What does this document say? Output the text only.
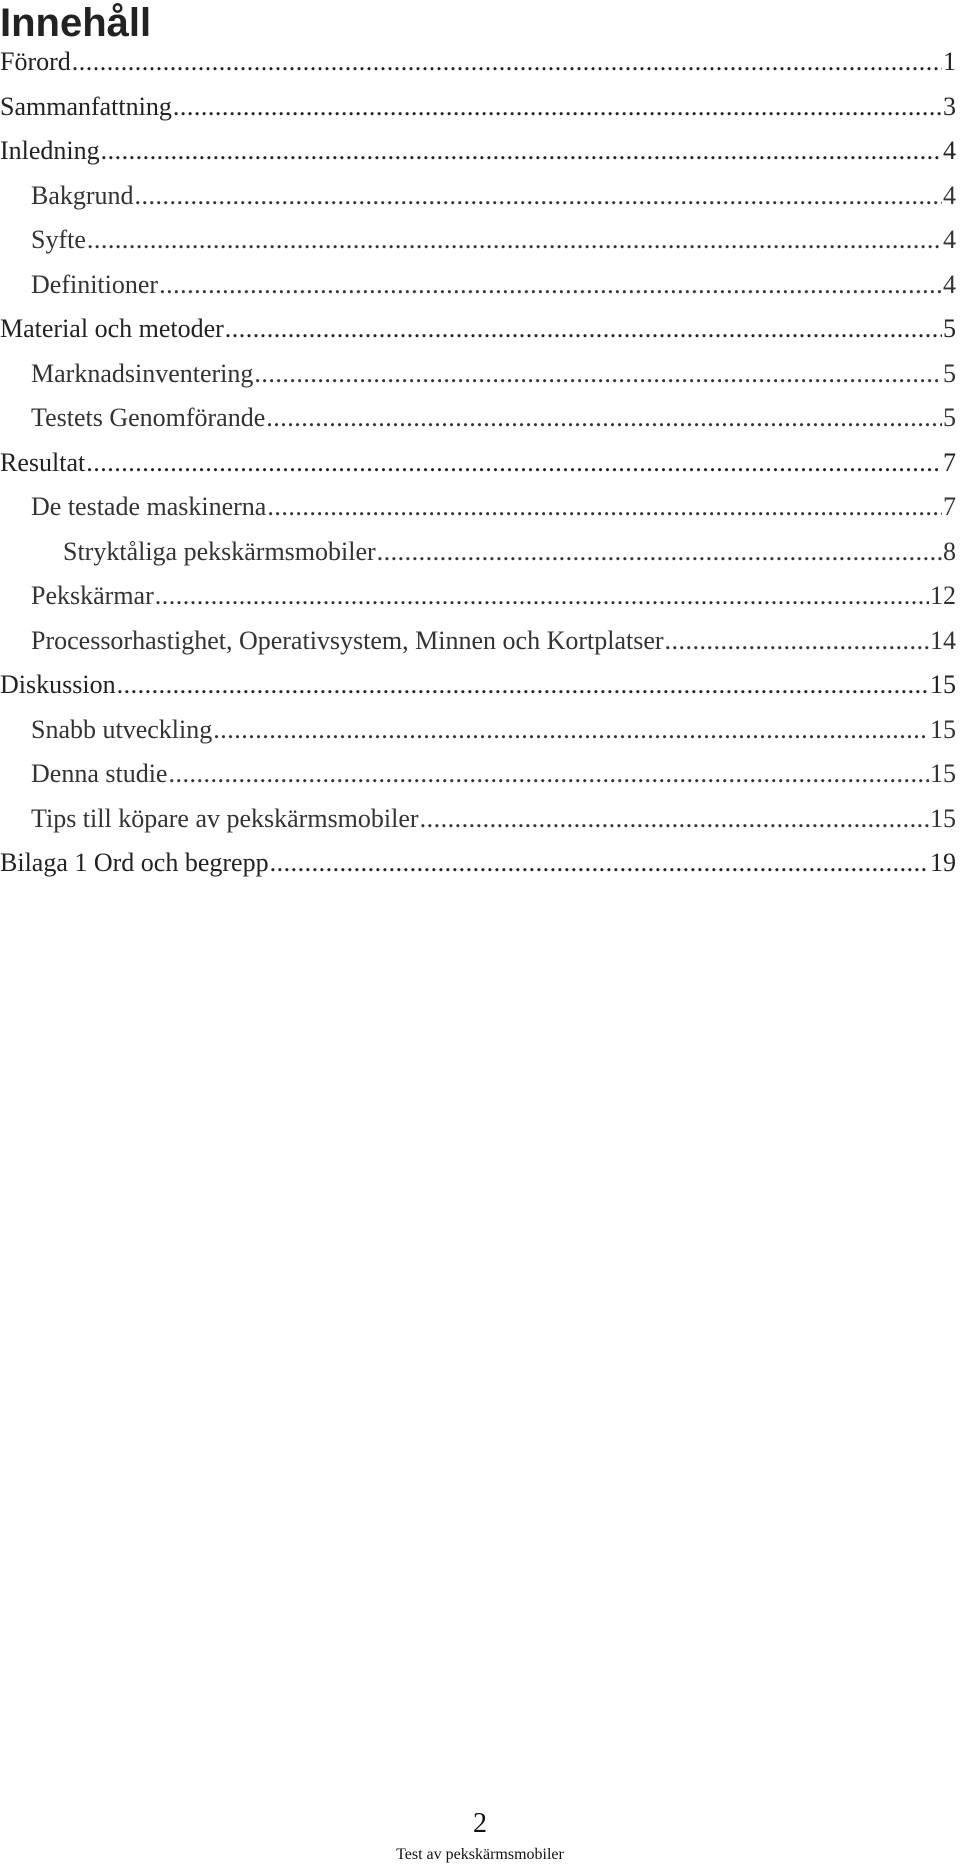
Innehåll
Förord .....	1
Sammanfattning .....	3
Inledning .....	4
Bakgrund .....	4
Syfte .....	4
Definitioner .....	4
Material och metoder .....	5
Marknadsinventering .....	5
Testets Genomförande .....	5
Resultat .....	7
De testade maskinerna .....	7
Stryktåliga pekskärmsmobiler .....	8
Pekskärmar .....	12
Processorhastighet, Operativsystem, Minnen och Kortplatser .....	14
Diskussion .....	15
Snabb utveckling .....	15
Denna studie .....	15
Tips till köpare av pekskärmsmobiler .....	15
Bilaga 1 Ord och begrepp .....	19
2
Test av pekskärmsmobiler
